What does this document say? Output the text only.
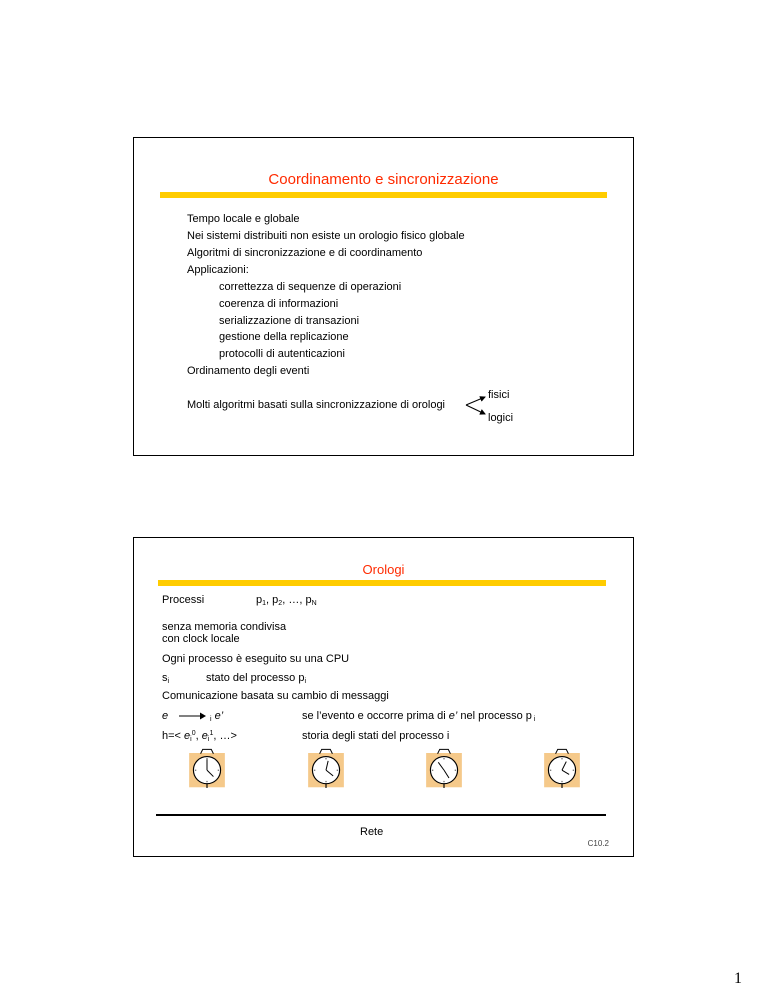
Coordinamento e sincronizzazione
Tempo locale e globale
Nei sistemi distribuiti non esiste un orologio fisico globale
Algoritmi di sincronizzazione e di coordinamento
Applicazioni:
correttezza di sequenze di operazioni
coerenza di informazioni
serializzazione di transazioni
gestione della replicazione
protocolli di autenticazioni
Ordinamento degli eventi
Molti algoritmi basati sulla sincronizzazione di orologi
fisici
logici
Orologi
Processi	$p_1$, $p_2$, …, $p_N$
senza memoria condivisa
con clock locale
Ogni processo è eseguito su una CPU
$s_i$	stato del processo $p_i$
Comunicazione basata su cambio di messaggi
e	$_i$ e’	se l’evento e occorre prima di e’ nel processo p $_i$
$h=< e_i^0$, $e_i^1$, …>	storia degli stati del processo i
Rete
C10.2
1
